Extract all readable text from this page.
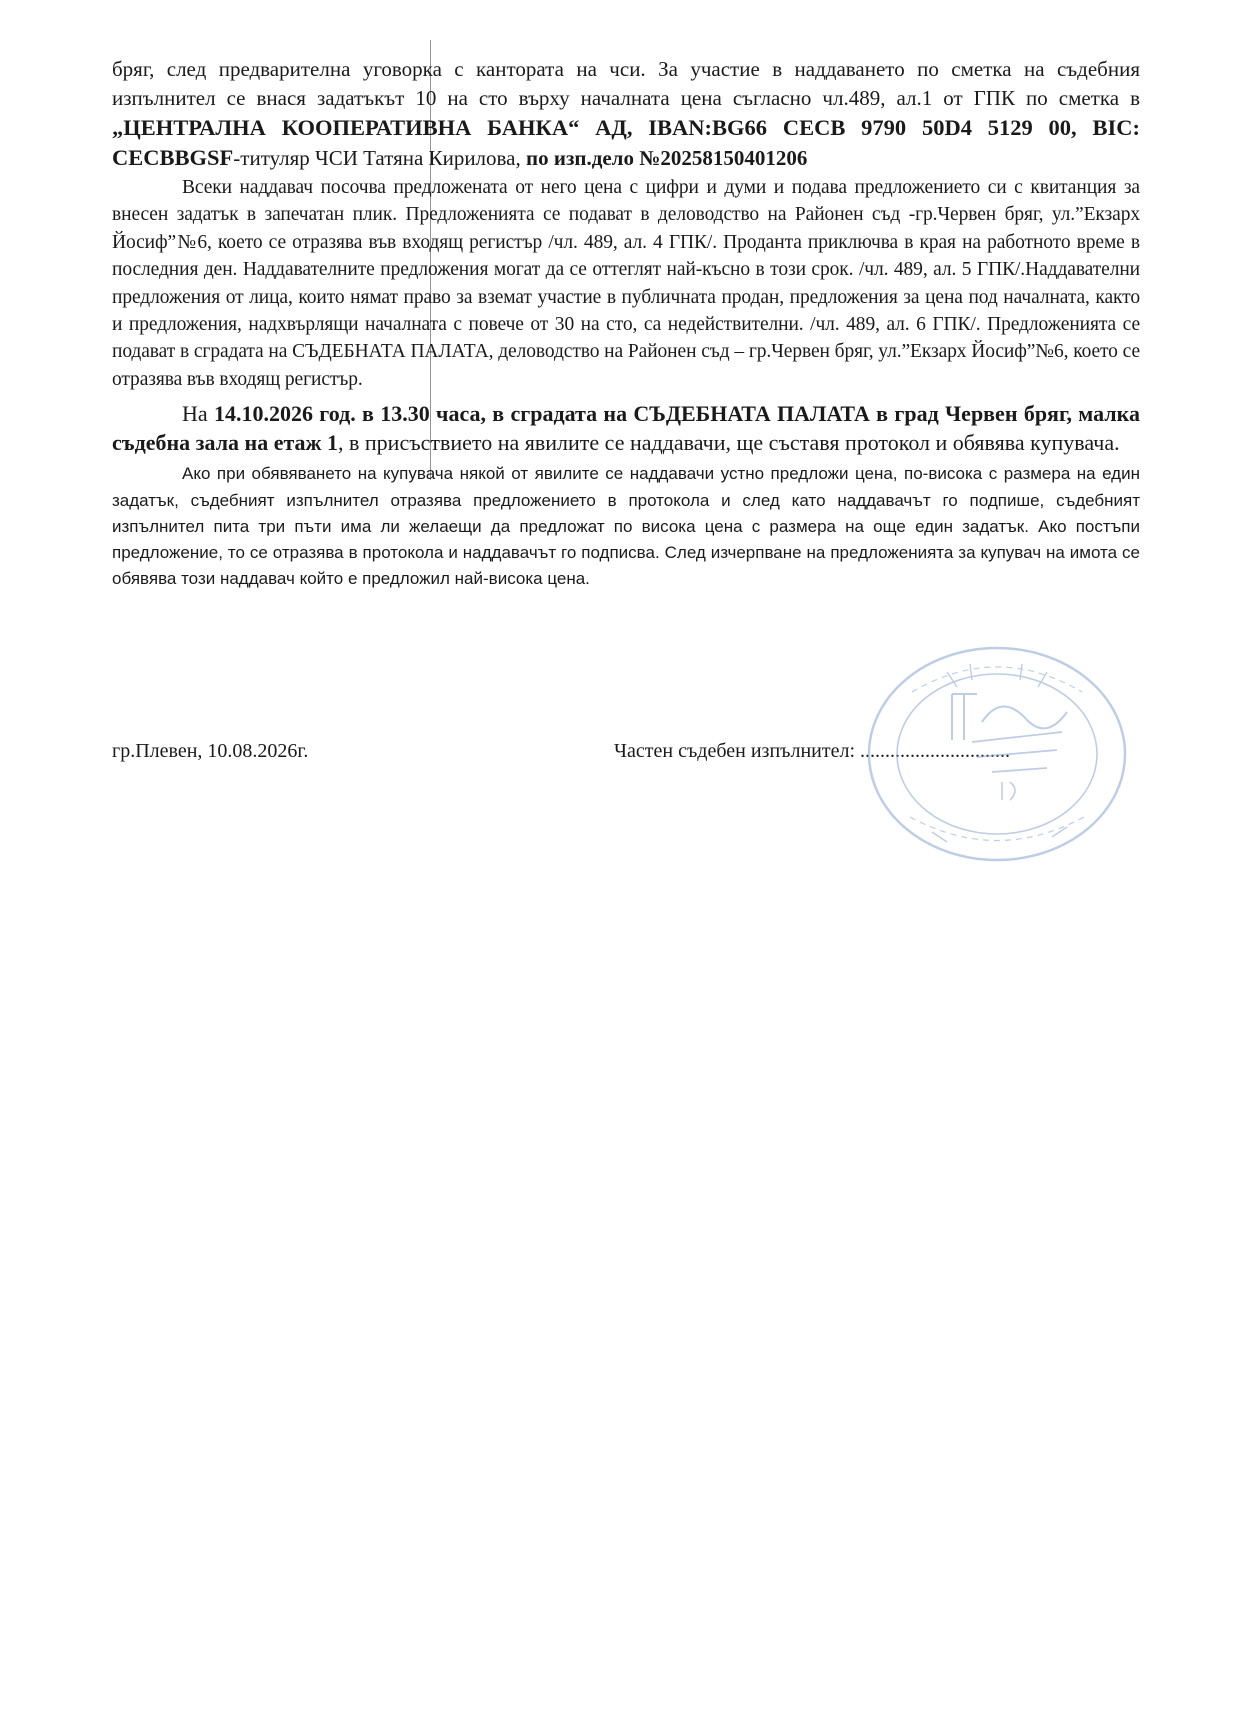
бряг, след предварителна уговорка с кантората на чси. За участие в наддаването по сметка на съдебния изпълнител се внася задатъкът 10 на сто върху началната цена съгласно чл.489, ал.1 от ГПК по сметка в „ЦЕНТРАЛНА КООПЕРАТИВНА БАНКА“ АД, IBAN:BG66 CECB 9790 50D4 5129 00, BIC: CECBBGSF-титуляр ЧСИ Татяна Кирилова, по изп.дело №20258150401206

Всеки наддавач посочва предложената от него цена с цифри и думи и подава предложението си с квитанция за внесен задатък в запечатан плик. Предложенията се подават в деловодство на Районен съд -гр.Червен бряг, ул.”Екзарх Йосиф”№6, което се отразява във входящ регистър /чл. 489, ал. 4 ГПК/. Проданта приключва в края на работното време в последния ден. Наддавателните предложения могат да се оттеглят най-късно в този срок. /чл. 489, ал. 5 ГПК/.Наддавателни предложения от лица, които нямат право за вземат участие в публичната продан, предложения за цена под началната, както и предложения, надхвърлящи началната с повече от 30 на сто, са недействителни. /чл. 489, ал. 6 ГПК/. Предложенията се подават в сградата на СЪДЕБНАТА ПАЛАТА, деловодство на Районен съд – гр.Червен бряг, ул.”Екзарх Йосиф”№6, което се отразява във входящ регистър.

На 14.10.2026 год. в 13.30 часа, в сградата на СЪДЕБНАТА ПАЛАТА в град Червен бряг, малка съдебна зала на етаж 1, в присъствието на явилите се наддавачи, ще съставя протокол и обявява купувача.

Ако при обявяването на купувача някой от явилите се наддавачи устно предложи цена, по-висока с размера на един задатък, съдебният изпълнител отразява предложението в протокола и след като наддавачът го подпише, съдебният изпълнител пита три пъти има ли желаещи да предложат по висока цена с размера на още един задатък. Ако постъпи предложение, то се отразява в протокола и наддавачът го подписва. След изчерпване на предложенията за купувач на имота се обявява този наддавач който е предложил най-висока цена.

гр.Плевен, 10.08.2026г.	Частен съдебен изпълнител: ..............................
